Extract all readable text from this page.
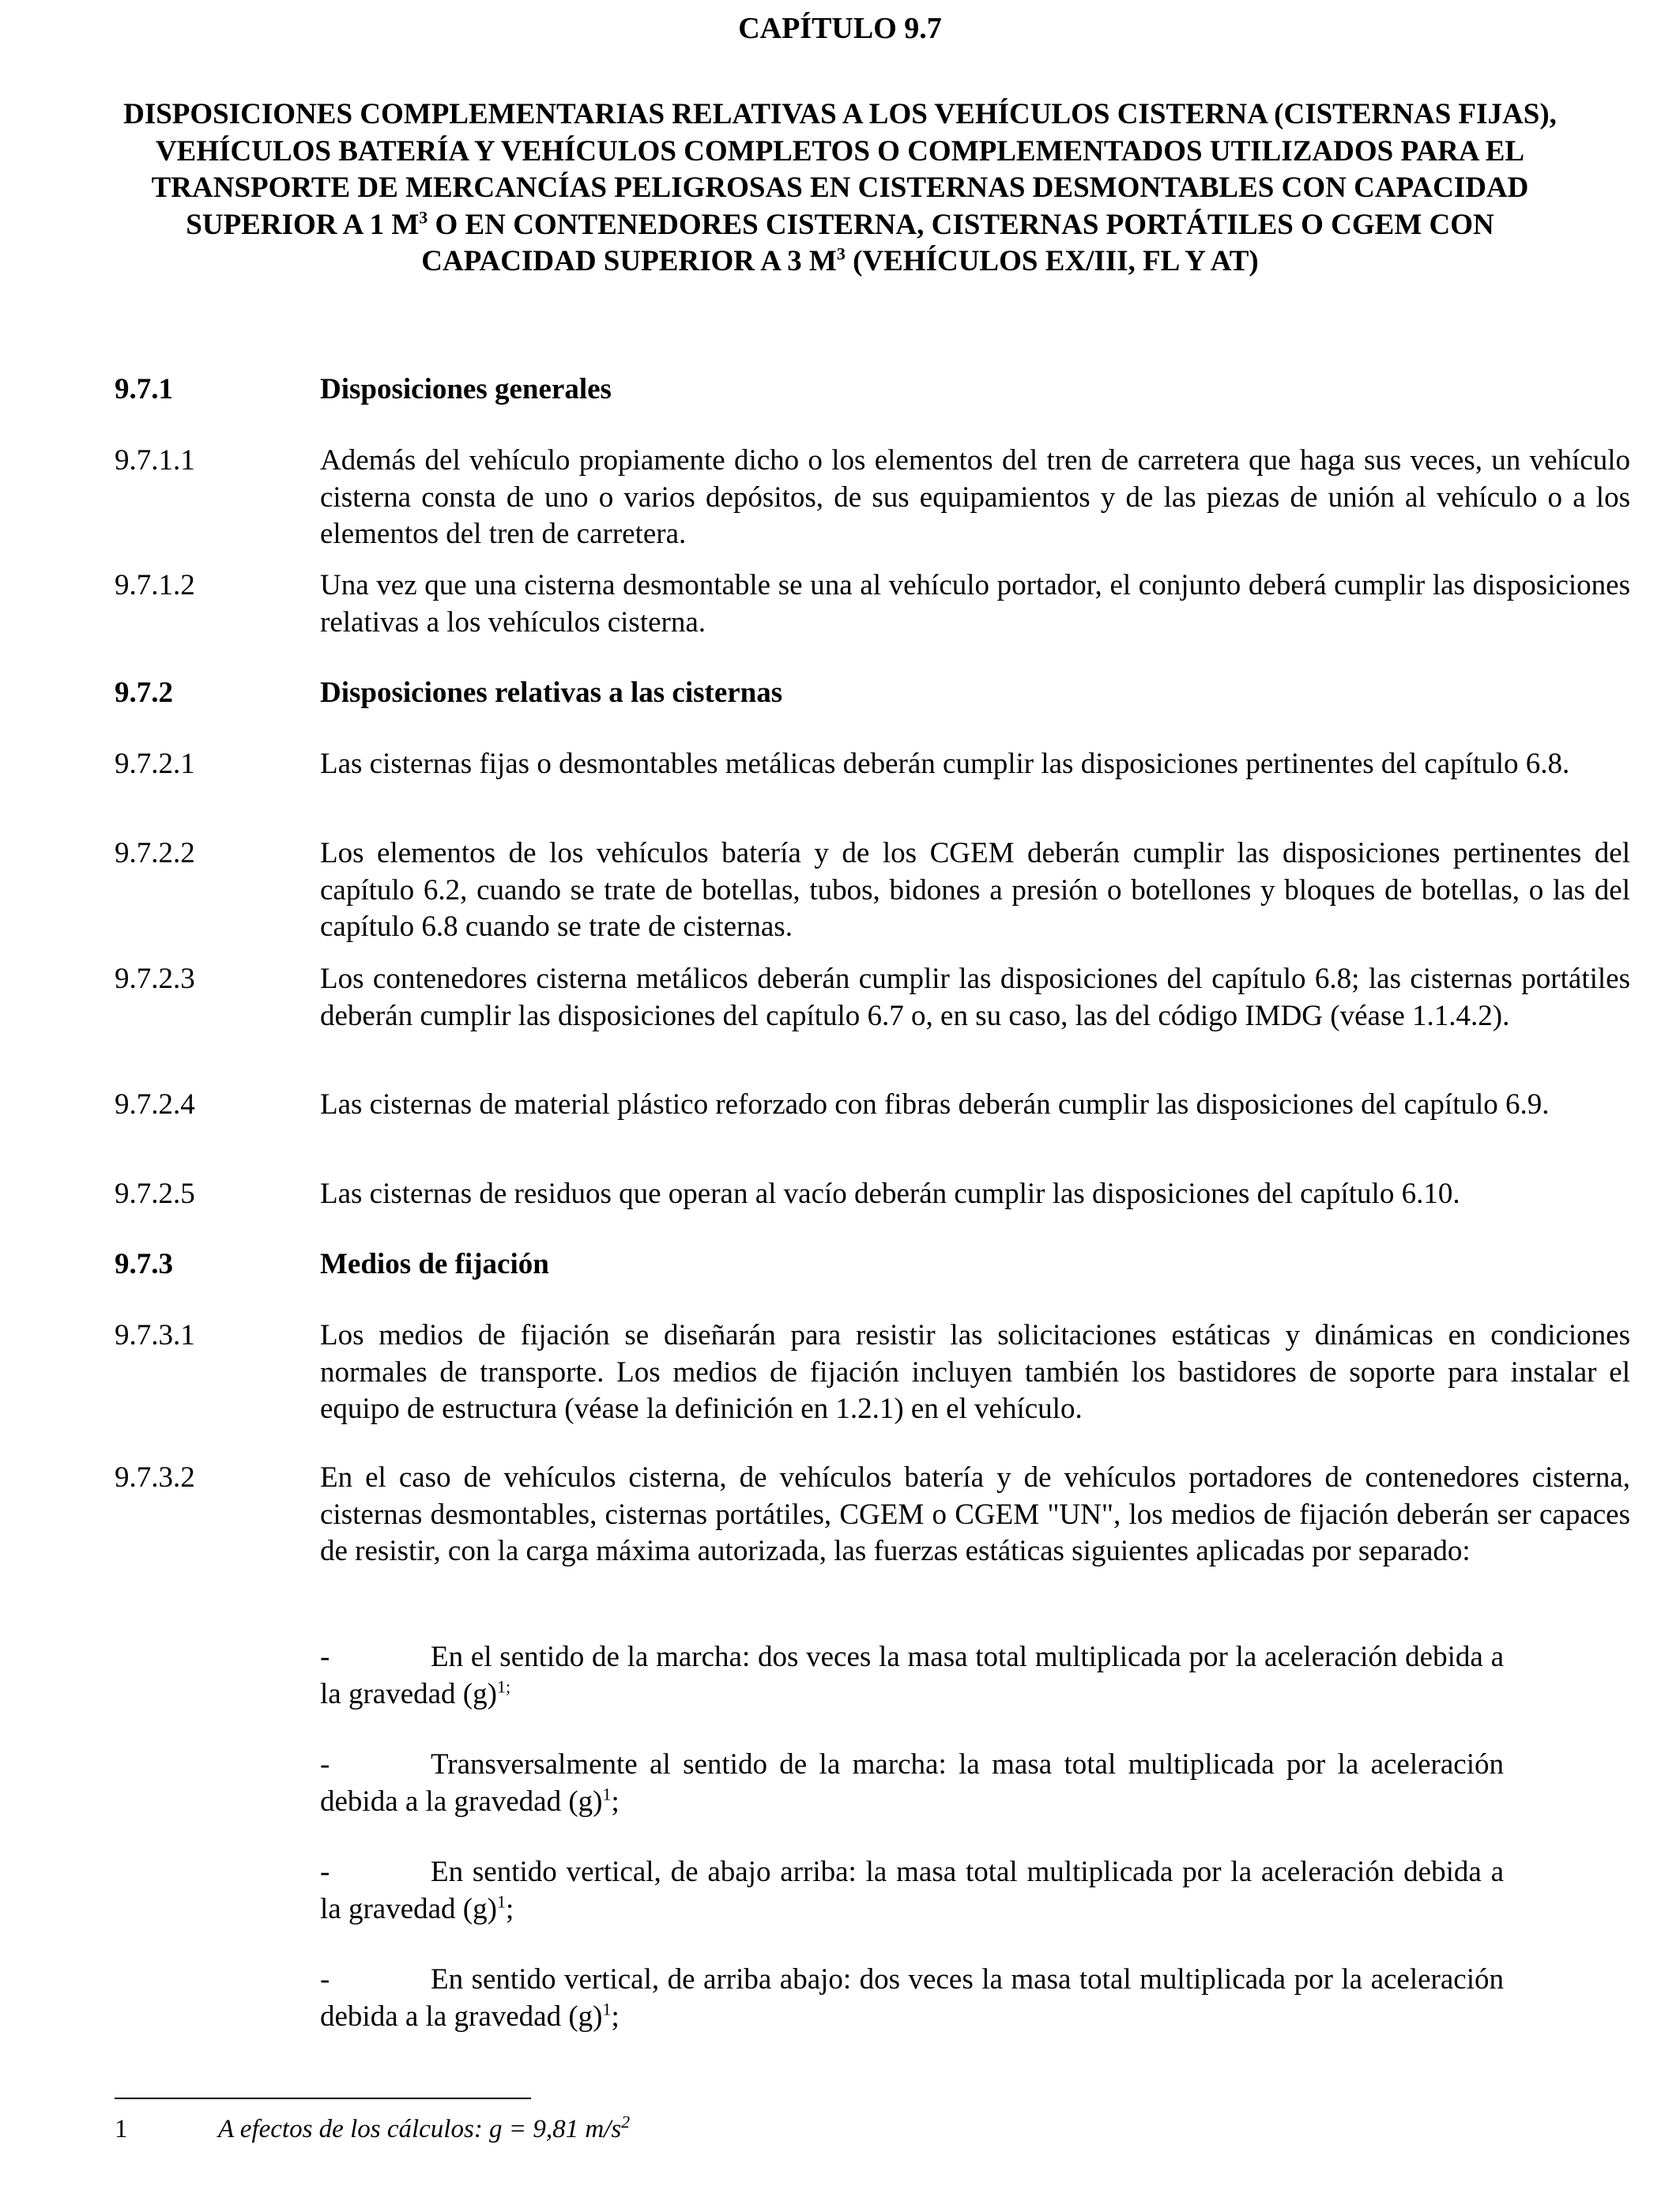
CAPÍTULO 9.7
DISPOSICIONES COMPLEMENTARIAS RELATIVAS A LOS VEHÍCULOS CISTERNA (CISTERNAS FIJAS), VEHÍCULOS BATERÍA Y VEHÍCULOS COMPLETOS O COMPLEMENTADOS UTILIZADOS PARA EL TRANSPORTE DE MERCANCÍAS PELIGROSAS EN CISTERNAS DESMONTABLES CON CAPACIDAD SUPERIOR A 1 $M^3$ O EN CONTENEDORES CISTERNA, CISTERNAS PORTÁTILES O CGEM CON CAPACIDAD SUPERIOR A 3 $M^3$ (VEHÍCULOS EX/III, FL Y AT)
9.7.1	Disposiciones generales
9.7.1.1	Además del vehículo propiamente dicho o los elementos del tren de carretera que haga sus veces, un vehículo cisterna consta de uno o varios depósitos, de sus equipamientos y de las piezas de unión al vehículo o a los elementos del tren de carretera.
9.7.1.2	Una vez que una cisterna desmontable se una al vehículo portador, el conjunto deberá cumplir las disposiciones relativas a los vehículos cisterna.
9.7.2	Disposiciones relativas a las cisternas
9.7.2.1	Las cisternas fijas o desmontables metálicas deberán cumplir las disposiciones pertinentes del capítulo 6.8.
9.7.2.2	Los elementos de los vehículos batería y de los CGEM deberán cumplir las disposiciones pertinentes del capítulo 6.2, cuando se trate de botellas, tubos, bidones a presión o botellones y bloques de botellas, o las del capítulo 6.8 cuando se trate de cisternas.
9.7.2.3	Los contenedores cisterna metálicos deberán cumplir las disposiciones del capítulo 6.8; las cisternas portátiles deberán cumplir las disposiciones del capítulo 6.7 o, en su caso, las del código IMDG (véase 1.1.4.2).
9.7.2.4	Las cisternas de material plástico reforzado con fibras deberán cumplir las disposiciones del capítulo 6.9.
9.7.2.5	Las cisternas de residuos que operan al vacío deberán cumplir las disposiciones del capítulo 6.10.
9.7.3	Medios de fijación
9.7.3.1	Los medios de fijación se diseñarán para resistir las solicitaciones estáticas y dinámicas en condiciones normales de transporte. Los medios de fijación incluyen también los bastidores de soporte para instalar el equipo de estructura (véase la definición en 1.2.1) en el vehículo.
9.7.3.2	En el caso de vehículos cisterna, de vehículos batería y de vehículos portadores de contenedores cisterna, cisternas desmontables, cisternas portátiles, CGEM o CGEM "UN", los medios de fijación deberán ser capaces de resistir, con la carga máxima autorizada, las fuerzas estáticas siguientes aplicadas por separado:
-	En el sentido de la marcha: dos veces la masa total multiplicada por la aceleración debida a la gravedad $(g)^{1;}$
-	Transversalmente al sentido de la marcha: la masa total multiplicada por la aceleración debida a la gravedad $(g)^1$;
-	En sentido vertical, de abajo arriba: la masa total multiplicada por la aceleración debida a la gravedad $(g)^1$;
-	En sentido vertical, de arriba abajo: dos veces la masa total multiplicada por la aceleración debida a la gravedad $(g)^1$;
1	A efectos de los cálculos: g = 9,81 $m/s^2$
